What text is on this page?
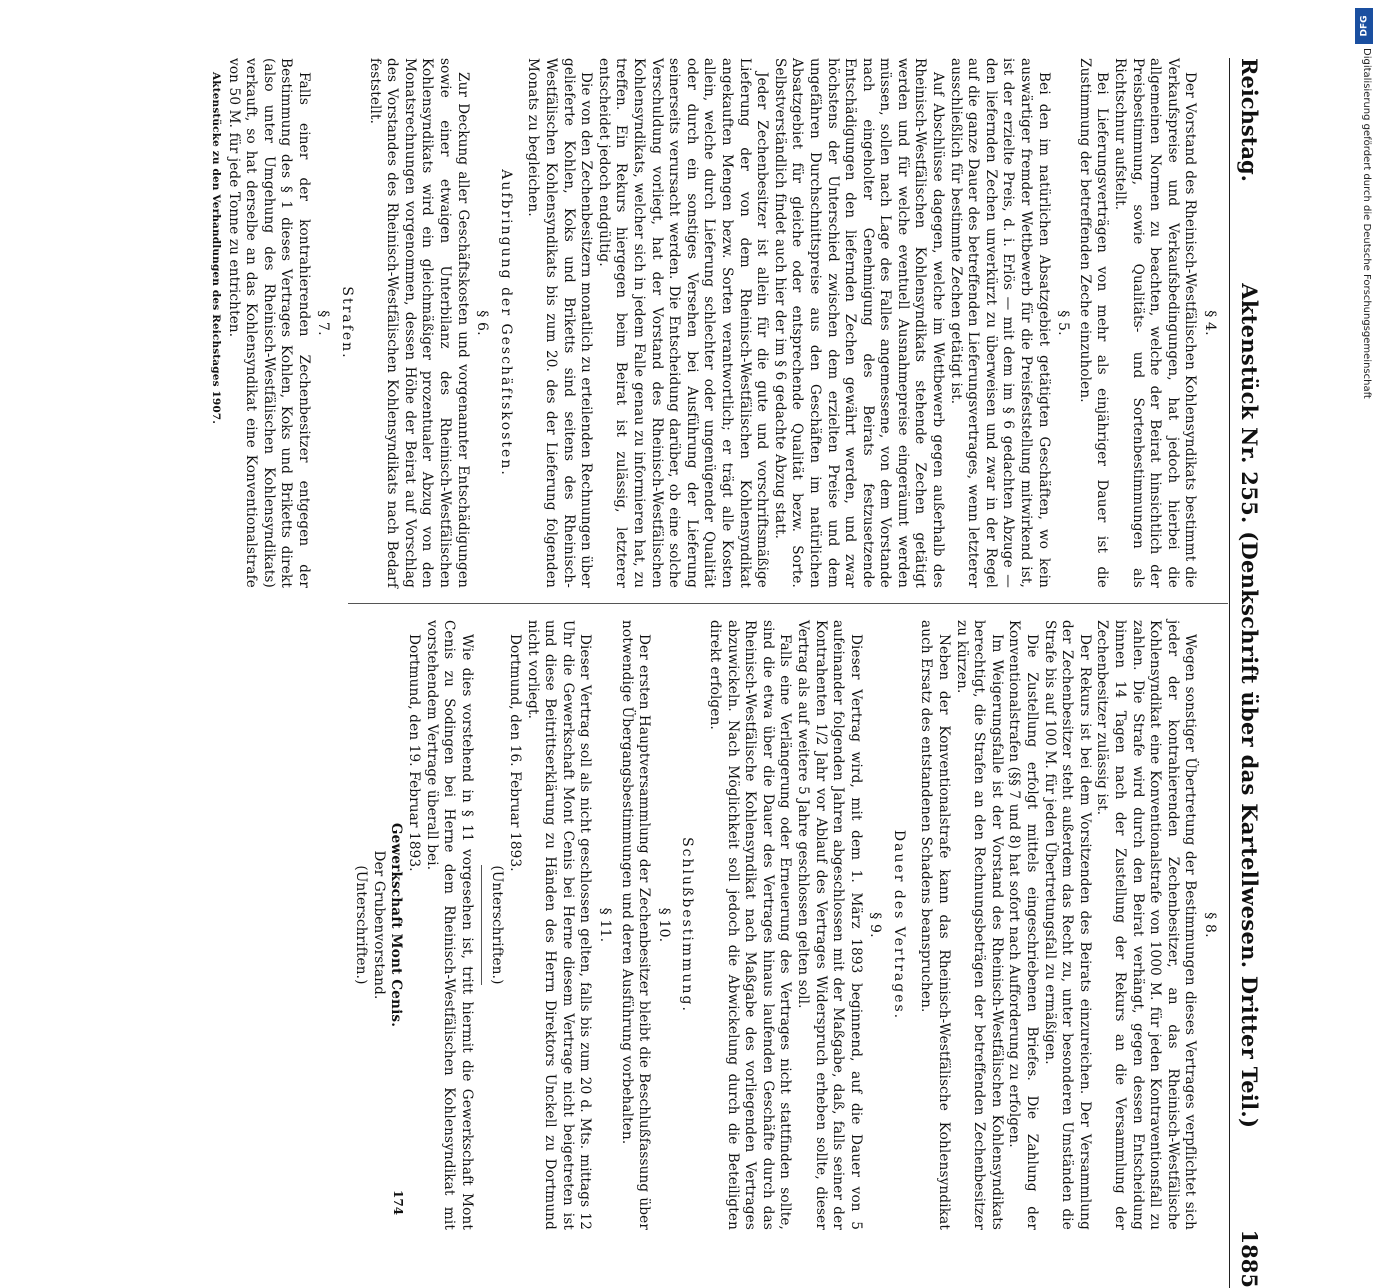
Reichstag.
Aktenstück Nr. 255. (Denkschrift über das Kartellwesen. Dritter Teil.)
1885
§ 4.

Der Vorstand des Rheinisch-Westfälischen Kohlensyndikats bestimmt die Verkaufspreise und Verkaufsbedingungen, hat jedoch hierbei die allgemeinen Normen zu beachten, welche der Beirat hinsichtlich der Preisbestimmung, sowie Qualitäts- und Sortenbestimmungen als Richtschnur aufstellt.

Bei Lieferungsverträgen von mehr als einjähriger Dauer ist die Zustimmung der betreffenden Zeche einzuholen.

§ 5.

Bei den im natürlichen Absatzgebiet getätigten Geschäften, wo kein auswärtiger fremder Wettbewerb für die Preisfeststellung mitwirkend ist, ist der erzielte Preis, d. i. Erlös — mit dem im § 6 gedachten Abzuge — den liefernden Zechen unverkürzt zu überweisen und zwar in der Regel auf die ganze Dauer des betreffenden Lieferungsvertrages, wenn letzterer ausschließlich für bestimmte Zechen getätigt ist.

Auf Abschlüsse dagegen, welche im Wettbewerb gegen außerhalb des Rheinisch-Westfälischen Kohlensyndikats stehende Zechen getätigt werden und für welche eventuell Ausnahmepreise eingeräumt werden müssen, sollen nach Lage des Falles angemessene, von dem Vorstande nach eingeholter Genehmigung des Beirats festzusetzende Entschädigungen den liefernden Zechen gewährt werden, und zwar höchstens der Unterschied zwischen dem erzielten Preise und dem ungefähren Durchschnittspreise aus den Geschäften im natürlichen Absatzgebiet für gleiche oder entsprechende Qualität bezw. Sorte. Selbstverständlich findet auch hier der im § 6 gedachte Abzug statt.

Jeder Zechenbesitzer ist allein für die gute und vorschriftsmäßige Lieferung der von dem Rheinisch-Westfälischen Kohlensyndikat angekauften Mengen bezw. Sorten verantwortlich; er trägt alle Kosten allein, welche durch Lieferung schlechter oder ungenügender Qualität oder durch ein sonstiges Versehen bei Ausführung der Lieferung seinerseits verursacht werden. Die Entscheidung darüber, ob eine solche Verschuldung vorliegt, hat der Vorstand des Rheinisch-Westfälischen Kohlensyndikats, welcher sich in jedem Falle genau zu informieren hat, zu treffen. Ein Rekurs hiergegen beim Beirat ist zulässig, letzterer entscheidet jedoch endgültig.

Die von den Zechenbesitzern monatlich zu erteilenden Rechnungen über gelieferte Kohlen, Koks und Briketts sind seitens des Rheinisch-Westfälischen Kohlensyndikats bis zum 20. des der Lieferung folgenden Monats zu begleichen.

Aufbringung der Geschäftskosten.
§ 6.

Zur Deckung aller Geschäftskosten und vorgenannter Entschädigungen sowie einer etwaigen Unterbilanz des Rheinisch-Westfälischen Kohlensyndikats wird ein gleichmäßiger prozentualer Abzug von den Monatsrechnungen vorgenommen, dessen Höhe der Beirat auf Vorschlag des Vorstandes des Rheinisch-Westfälischen Kohlensyndikats nach Bedarf feststellt.

Strafen.
§ 7.

Falls einer der kontrahierenden Zechenbesitzer entgegen der Bestimmung des § 1 dieses Vertrages Kohlen, Koks und Briketts direkt (also unter Umgehung des Rheinisch-Westfälischen Kohlensyndikats) verkauft, so hat derselbe an das Kohlensyndikat eine Konventionalstrafe von 50 M. für jede Tonne zu entrichten.

Aktenstücke zu den Verhandlungen des Reichstages 1907.

§ 8.

Wegen sonstiger Übertretung der Bestimmungen dieses Vertrages verpflichtet sich jeder der kontrahierenden Zechenbesitzer, an das Rheinisch-Westfälische Kohlensyndikat eine Konventionalstrafe von 1000 M. für jeden Kontraventionsfall zu zahlen. Die Strafe wird durch den Beirat verhängt, gegen dessen Entscheidung binnen 14 Tagen nach der Zustellung der Rekurs an die Versammlung der Zechenbesitzer zulässig ist.

Der Rekurs ist bei dem Vorsitzenden des Beirats einzureichen. Der Versammlung der Zechenbesitzer steht außerdem das Recht zu, unter besonderen Umständen die Strafe bis auf 100 M. für jeden Übertretungsfall zu ermäßigen.

Die Zustellung erfolgt mittels eingeschriebenen Briefes. Die Zahlung der Konventionalstrafen (§§ 7 und 8) hat sofort nach Aufforderung zu erfolgen.

Im Weigerungsfalle ist der Vorstand des Rheinisch-Westfälischen Kohlensyndikats berechtigt, die Strafen an den Rechnungsbeträgen der betreffenden Zechenbesitzer zu kürzen.

Neben der Konventionalstrafe kann das Rheinisch-Westfälische Kohlensyndikat auch Ersatz des entstandenen Schadens beanspruchen.

Dauer des Vertrages.
§ 9.

Dieser Vertrag wird, mit dem 1. März 1893 beginnend, auf die Dauer von 5 aufeinander folgenden Jahren abgeschlossen mit der Maßgabe, daß, falls seiner der Kontrahenten 1/2 Jahr vor Ablauf des Vertrages Widerspruch erheben sollte, dieser Vertrag als auf weitere 5 Jahre geschlossen gelten soll.

Falls eine Verlängerung oder Erneuerung des Vertrages nicht stattfinden sollte, sind die etwa über die Dauer des Vertrages hinaus laufenden Geschäfte durch das Rheinisch-Westfälische Kohlensyndikat nach Maßgabe des vorliegenden Vertrages abzuwickeln. Nach Möglichkeit soll jedoch die Abwickelung durch die Beteiligten direkt erfolgen.

Schlußbestimmung.
§ 10.

Der ersten Hauptversammlung der Zechenbesitzer bleibt die Beschlußfassung über notwendige Übergangsbestimmungen und deren Ausführung vorbehalten.

§ 11.

Dieser Vertrag soll als nicht geschlossen gelten, falls bis zum 20 d. Mts. mittags 12 Uhr die Gewerkschaft Mont Cenis bei Herne diesem Vertrage nicht beigetreten ist und diese Beitrittserklärung zu Händen des Herrn Direktors Unckell zu Dortmund nicht vorliegt.

Dortmund, den 16. Februar 1893.

(Unterschriften.)

Wie dies vorstehend in § 11 vorgesehen ist, tritt hiermit die Gewerkschaft Mont Cenis zu Sodingen bei Herne dem Rheinisch-Westfälischen Kohlensyndikat mit vorstehendem Vertrage überall bei.

Dortmund, den 19. Februar 1893.

Gewerkschaft Mont Cenis.

Der Grubenvorstand.

(Unterschriften.)

174
DFG
Digitalisierung gefördert durch die Deutsche Forschungsgemeinschaft
